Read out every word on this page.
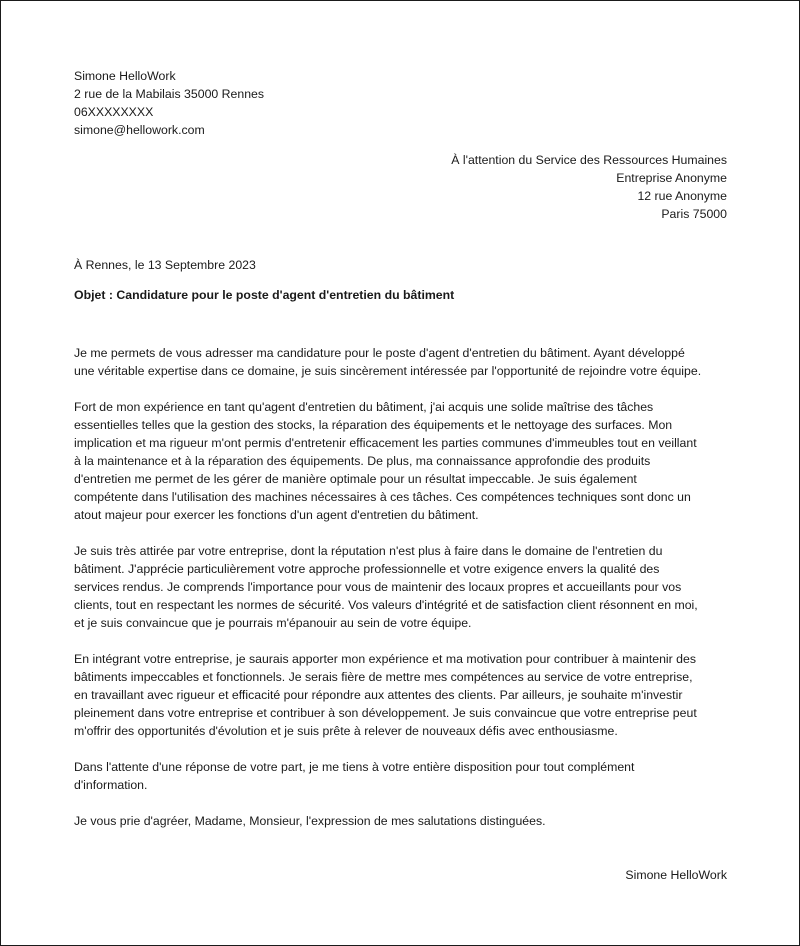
Simone HelloWork
2 rue de la Mabilais 35000 Rennes
06XXXXXXXX
simone@hellowork.com
À l'attention du Service des Ressources Humaines
Entreprise Anonyme
12 rue Anonyme
Paris 75000
À Rennes, le 13 Septembre 2023
Objet : Candidature pour le poste d'agent d'entretien du bâtiment

Je me permets de vous adresser ma candidature pour le poste d'agent d'entretien du bâtiment. Ayant développé
une véritable expertise dans ce domaine, je suis sincèrement intéressée par l'opportunité de rejoindre votre équipe.

Fort de mon expérience en tant qu'agent d'entretien du bâtiment, j'ai acquis une solide maîtrise des tâches
essentielles telles que la gestion des stocks, la réparation des équipements et le nettoyage des surfaces. Mon
implication et ma rigueur m'ont permis d'entretenir efficacement les parties communes d'immeubles tout en veillant
à la maintenance et à la réparation des équipements. De plus, ma connaissance approfondie des produits
d'entretien me permet de les gérer de manière optimale pour un résultat impeccable. Je suis également
compétente dans l'utilisation des machines nécessaires à ces tâches. Ces compétences techniques sont donc un
atout majeur pour exercer les fonctions d'un agent d'entretien du bâtiment.

Je suis très attirée par votre entreprise, dont la réputation n'est plus à faire dans le domaine de l'entretien du
bâtiment. J'apprécie particulièrement votre approche professionnelle et votre exigence envers la qualité des
services rendus. Je comprends l'importance pour vous de maintenir des locaux propres et accueillants pour vos
clients, tout en respectant les normes de sécurité. Vos valeurs d'intégrité et de satisfaction client résonnent en moi,
et je suis convaincue que je pourrais m'épanouir au sein de votre équipe.

En intégrant votre entreprise, je saurais apporter mon expérience et ma motivation pour contribuer à maintenir des
bâtiments impeccables et fonctionnels. Je serais fière de mettre mes compétences au service de votre entreprise,
en travaillant avec rigueur et efficacité pour répondre aux attentes des clients. Par ailleurs, je souhaite m'investir
pleinement dans votre entreprise et contribuer à son développement. Je suis convaincue que votre entreprise peut
m'offrir des opportunités d'évolution et je suis prête à relever de nouveaux défis avec enthousiasme.

Dans l'attente d'une réponse de votre part, je me tiens à votre entière disposition pour tout complément
d'information.

Je vous prie d'agréer, Madame, Monsieur, l'expression de mes salutations distinguées.

Simone HelloWork
